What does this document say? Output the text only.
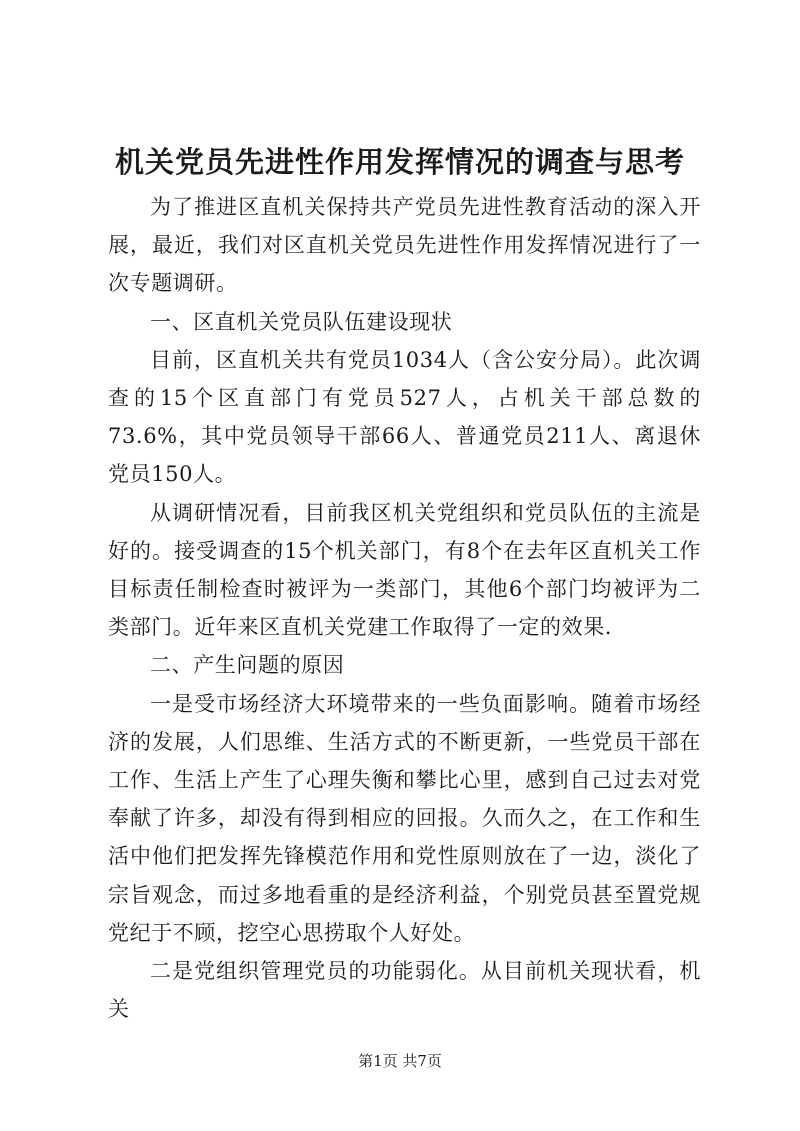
机关党员先进性作用发挥情况的调查与思考

为了推进区直机关保持共产党员先进性教育活动的深入开展，最近，我们对区直机关党员先进性作用发挥情况进行了一次专题调研。

一、区直机关党员队伍建设现状

目前，区直机关共有党员1034人（含公安分局）。此次调查的15个区直部门有党员527人，占机关干部总数的73.6%，其中党员领导干部66人、普通党员211人、离退休党员150人。

从调研情况看，目前我区机关党组织和党员队伍的主流是好的。接受调查的15个机关部门，有8个在去年区直机关工作目标责任制检查时被评为一类部门，其他6个部门均被评为二类部门。近年来区直机关党建工作取得了一定的效果.

二、产生问题的原因

一是受市场经济大环境带来的一些负面影响。随着市场经济的发展，人们思维、生活方式的不断更新，一些党员干部在工作、生活上产生了心理失衡和攀比心里，感到自己过去对党奉献了许多，却没有得到相应的回报。久而久之，在工作和生活中他们把发挥先锋模范作用和党性原则放在了一边，淡化了宗旨观念，而过多地看重的是经济利益，个别党员甚至置党规党纪于不顾，挖空心思捞取个人好处。

二是党组织管理党员的功能弱化。从目前机关现状看，机关

第1页 共7页
